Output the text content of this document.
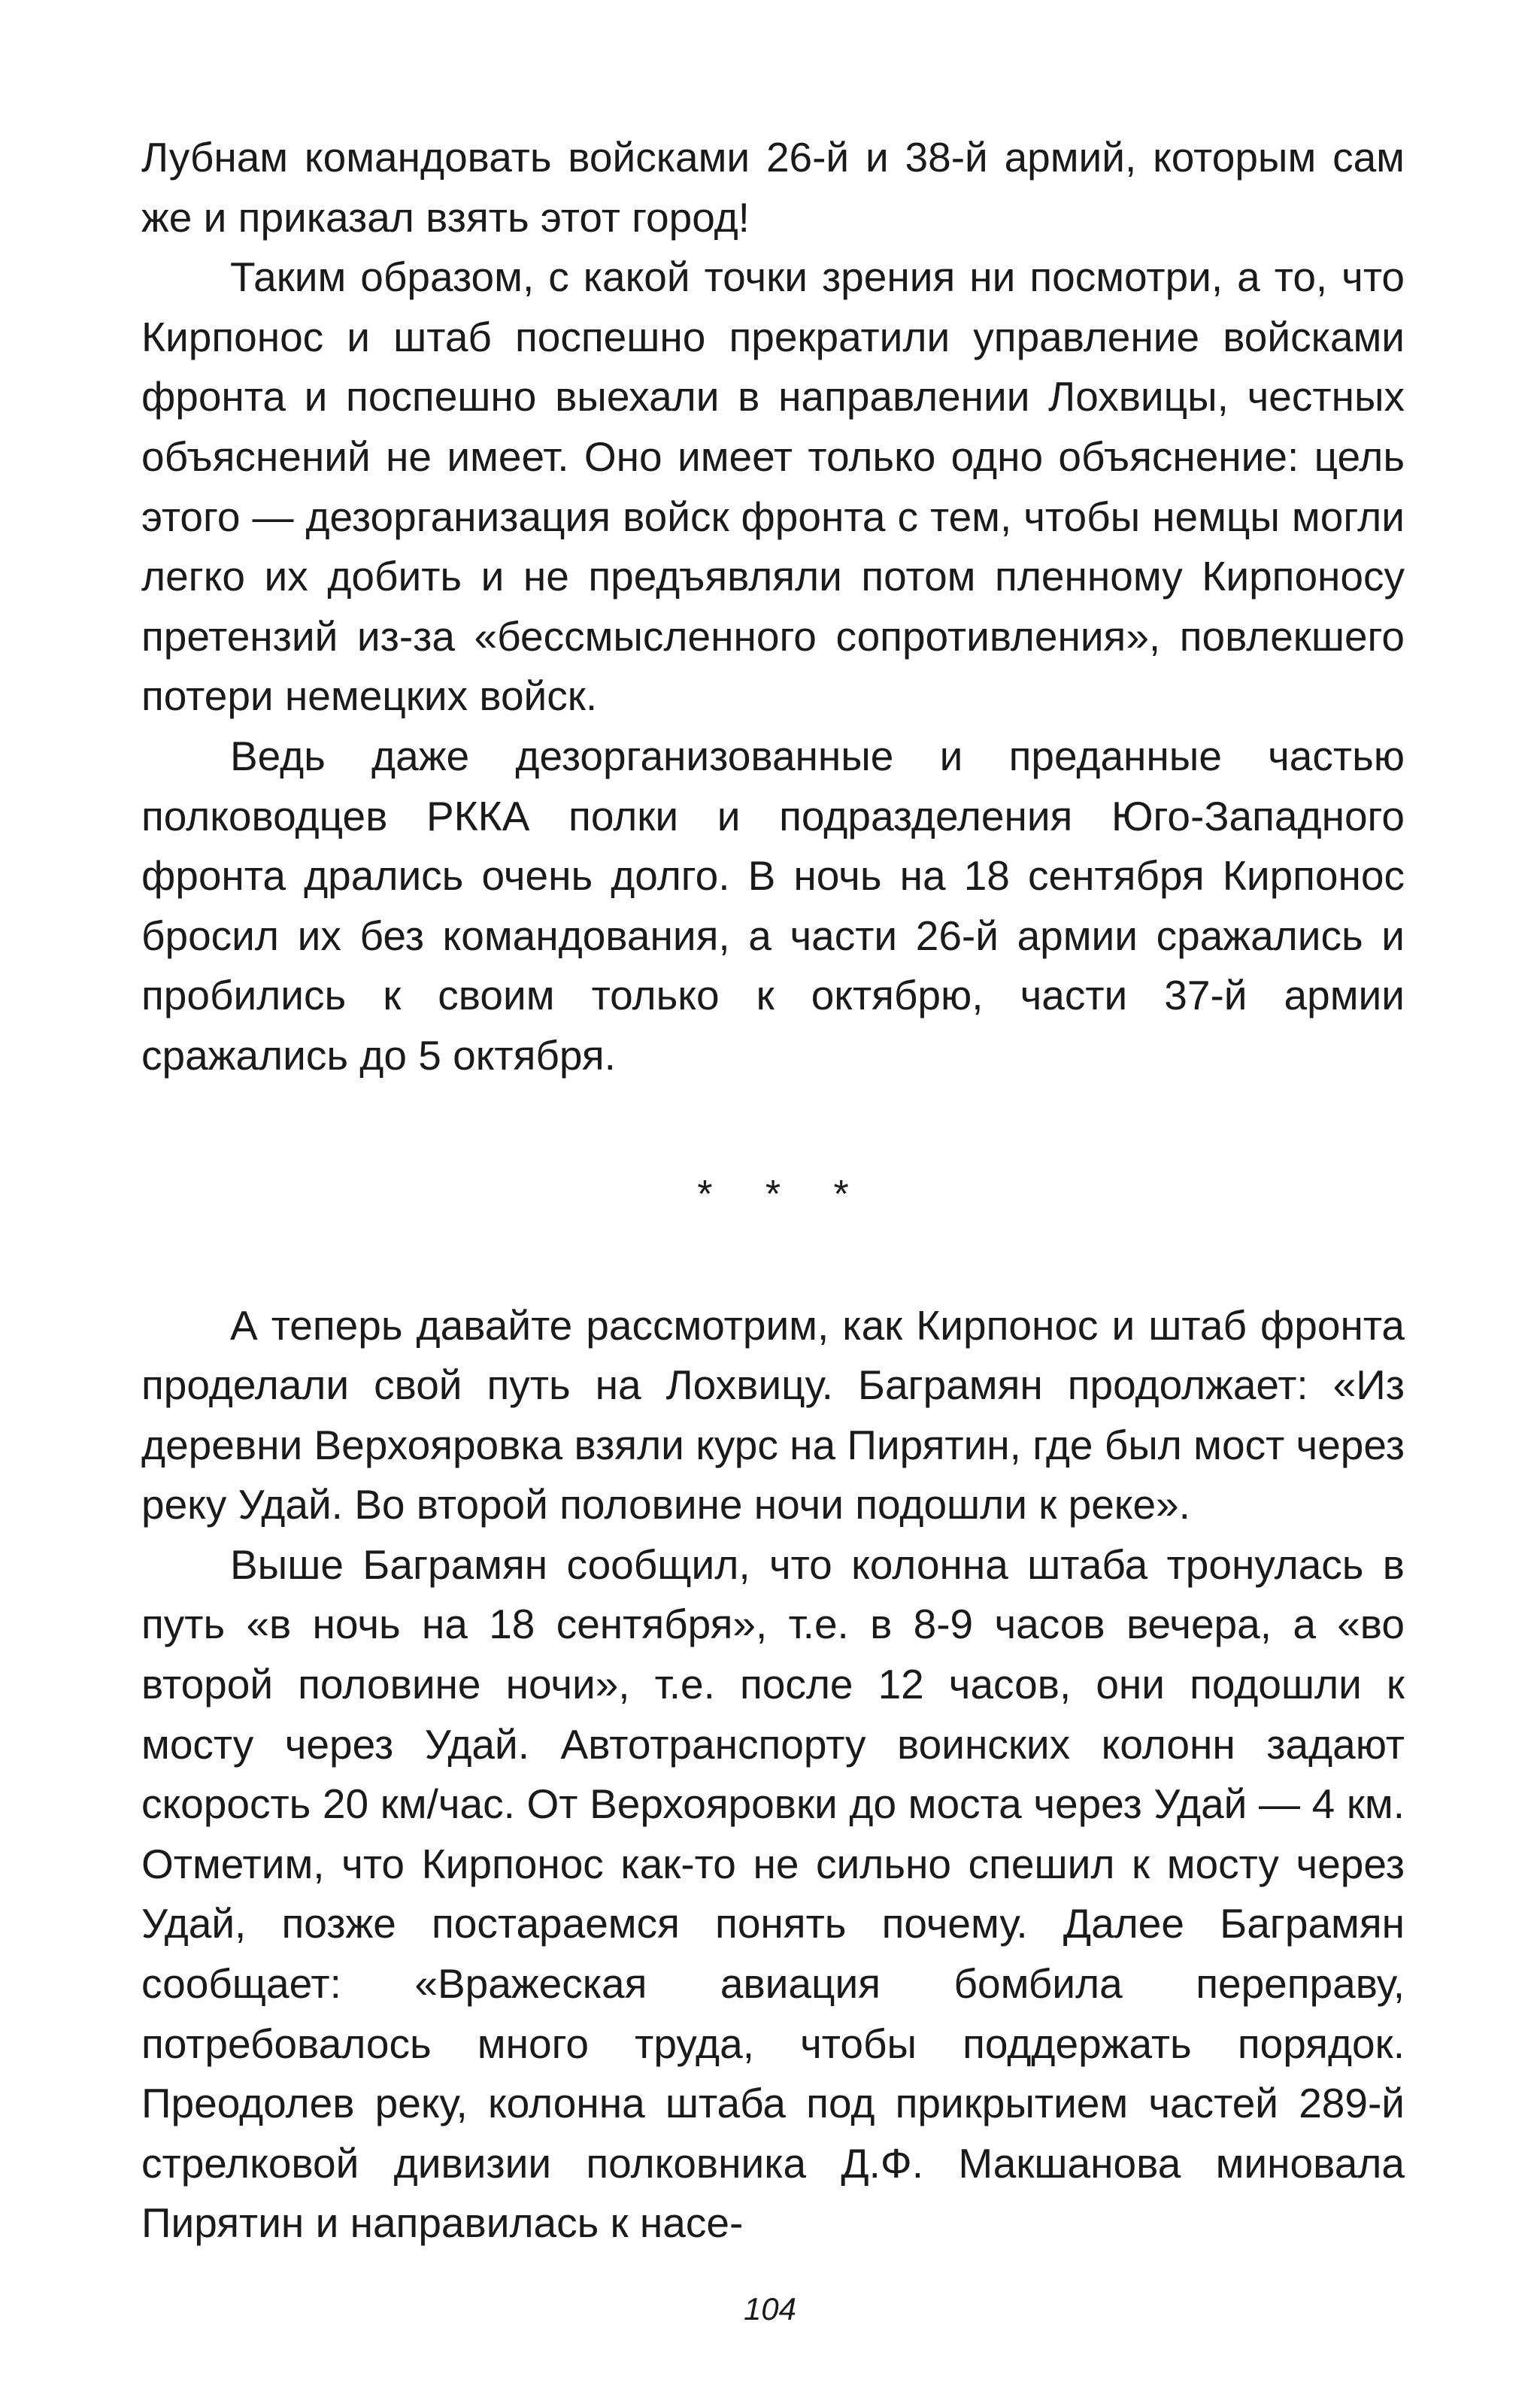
Лубнам командовать войсками 26-й и 38-й армий, которым сам же и приказал взять этот город!

Таким образом, с какой точки зрения ни посмотри, а то, что Кирпонос и штаб поспешно прекратили управление войсками фронта и поспешно выехали в направлении Лохвицы, честных объяснений не имеет. Оно имеет только одно объяснение: цель этого — дезорганизация войск фронта с тем, чтобы немцы могли легко их добить и не предъявляли потом пленному Кирпоносу претензий из-за «бессмысленного сопротивления», повлекшего потери немецких войск.

Ведь даже дезорганизованные и преданные частью полководцев РККА полки и подразделения Юго-Западного фронта дрались очень долго. В ночь на 18 сентября Кирпонос бросил их без командования, а части 26-й армии сражались и пробились к своим только к октябрю, части 37-й армии сражались до 5 октября.

* * *

А теперь давайте рассмотрим, как Кирпонос и штаб фронта проделали свой путь на Лохвицу. Баграмян продолжает: «Из деревни Верхояровка взяли курс на Пирятин, где был мост через реку Удай. Во второй половине ночи подошли к реке».

Выше Баграмян сообщил, что колонна штаба тронулась в путь «в ночь на 18 сентября», т.е. в 8-9 часов вечера, а «во второй половине ночи», т.е. после 12 часов, они подошли к мосту через Удай. Автотранспорту воинских колонн задают скорость 20 км/час. От Верхояровки до моста через Удай — 4 км. Отметим, что Кирпонос как-то не сильно спешил к мосту через Удай, позже постараемся понять почему. Далее Баграмян сообщает: «Вражеская авиация бомбила переправу, потребовалось много труда, чтобы поддержать порядок. Преодолев реку, колонна штаба под прикрытием частей 289-й стрелковой дивизии полковника Д.Ф. Макшанова миновала Пирятин и направилась к насе-

104
